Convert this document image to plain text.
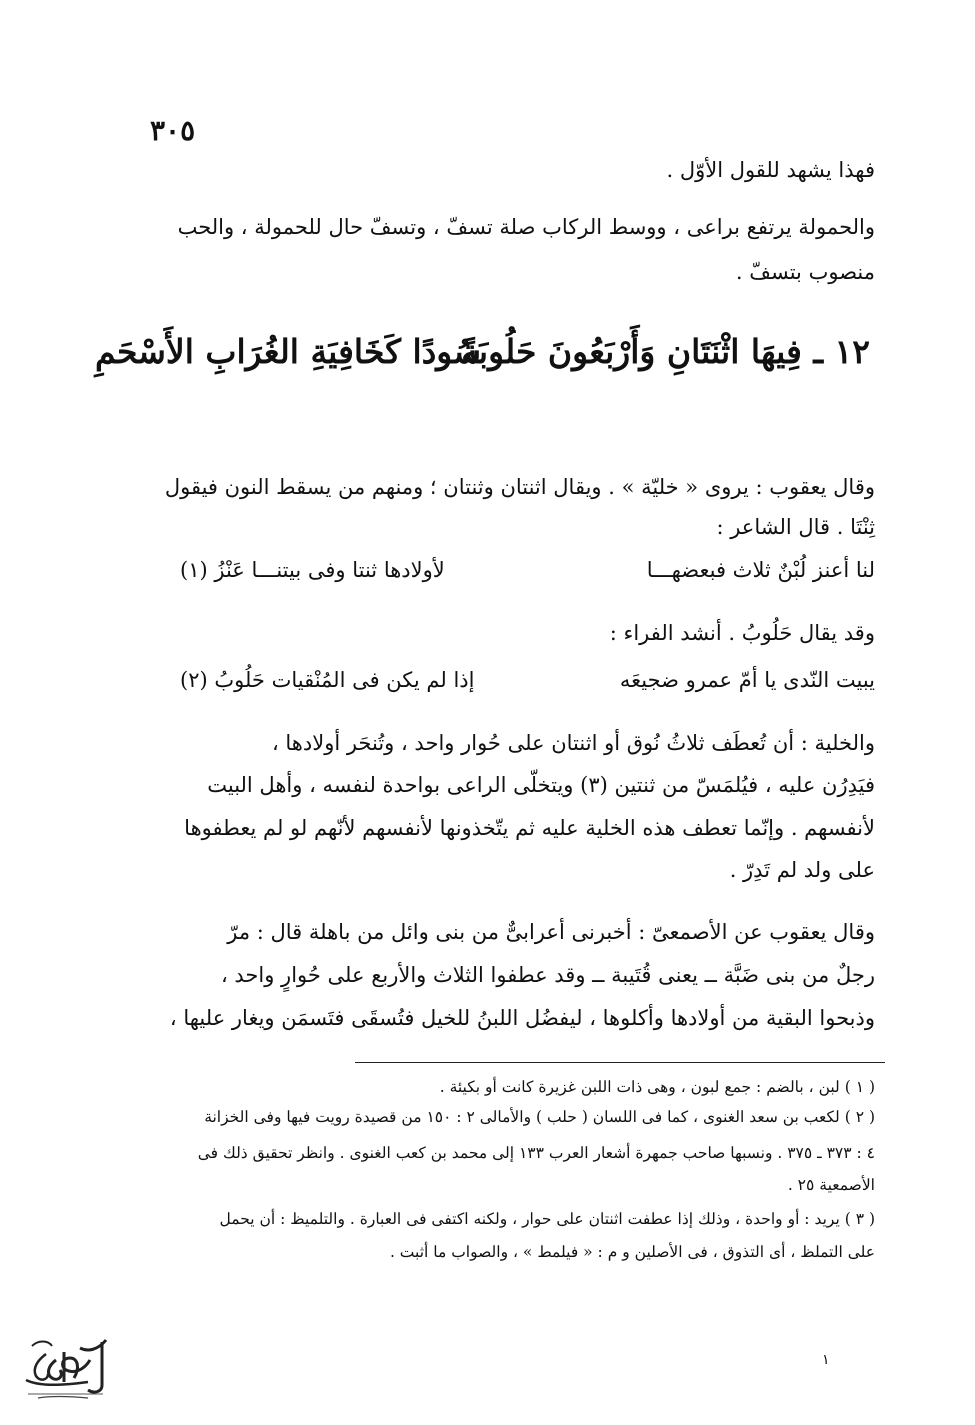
٣٠٥
فهذا يشهد للقول الأوّل .
والحمولة يرتفع براعى ، ووسط الركاب صلة تسفّ ، وتسفّ حال للحمولة ، والحب
منصوب بتسفّ .
١٢ ـ فِيهَا اثْنَتَانِ وَأَرْبَعُونَ حَلُوبَةً
سُودًا كَخَافِيَةِ الغُرَابِ الأَسْحَمِ
وقال يعقوب : يروى « خليّة » . ويقال اثنتان وثنتان ؛ ومنهم من يسقط النون فيقول
ثِنْتَا . قال الشاعر :
لنا أعنز لُبْنٌ ثلاث فبعضهـــا
لأولادها ثنتا وفى بيتنـــا عَنْزُ (١)
وقد يقال حَلُوبُ . أنشد الفراء :
يبيت النّدى يا أمّ عمرو ضجيعَه
إذا لم يكن فى المُنْقيات حَلُوبُ (٢)
والخلية : أن تُعطَف ثلاثُ نُوق أو اثنتان على حُوار واحد ، وتُنحَر أولادها ،
فيَدِرُن عليه ، فيُلمَسّ من ثنتين (٣) ويتخلّى الراعى بواحدة لنفسه ، وأهل البيت
لأنفسهم . وإنّما تعطف هذه الخلية عليه ثم يتّخذونها لأنفسهم لأنّهم لو لم يعطفوها
على ولد لم تَدِرّ .
وقال يعقوب عن الأصمعىّ : أخبرنى أعرابىٌّ من بنى وائل من باهلة قال : مرّ
رجلٌ من بنى ضَبَّة ــ يعنى قُتَيبة ــ وقد عطفوا الثلاث والأربع على حُوارٍ واحد ،
وذبحوا البقية من أولادها وأكلوها ، ليفضُل اللبنُ للخيل فتُسقَى فتَسمَن ويغار عليها ،
( ١ ) لبن ، بالضم : جمع لبون ، وهى ذات اللبن غزيرة كانت أو بكيئة .
( ٢ ) لكعب بن سعد الغنوى ، كما فى اللسان ( حلب ) والأمالى ٢ : ١٥٠ من قصيدة رويت فيها وفى الخزانة
٤ : ٣٧٣ ـ ٣٧٥ . ونسبها صاحب جمهرة أشعار العرب ١٣٣ إلى محمد بن كعب الغنوى . وانظر تحقيق ذلك فى
الأصمعية ٢٥ .
( ٣ ) يريد : أو واحدة ، وذلك إذا عطفت اثنتان على حوار ، ولكنه اكتفى فى العبارة . والتلميظ : أن يحمل
على التملظ ، أى التذوق ، فى الأصلين و م : « فيلمط » ، والصواب ما أثبت .
١
